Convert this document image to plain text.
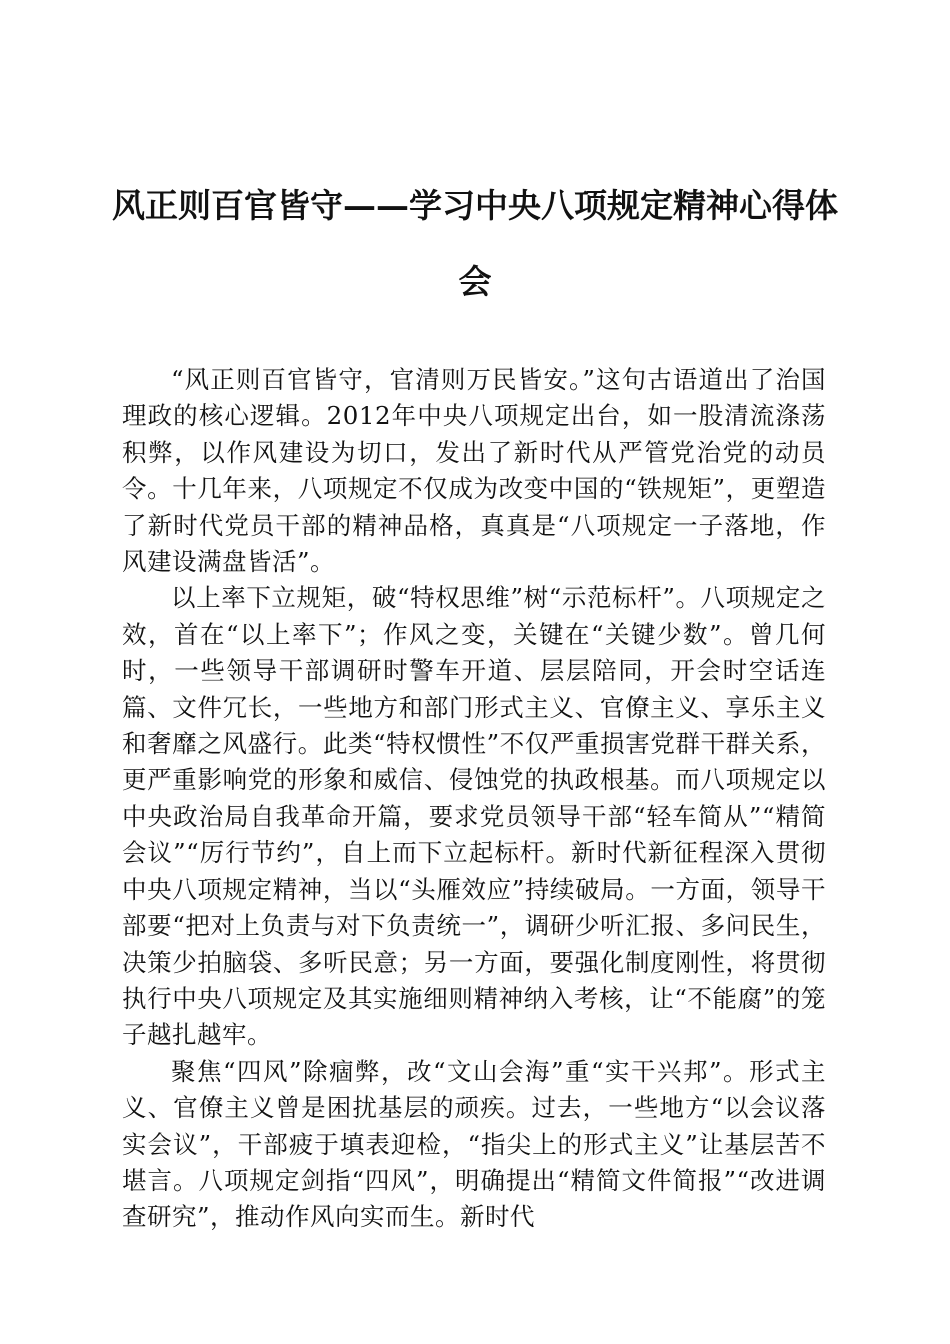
风正则百官皆守——学习中央八项规定精神心得体会

“风正则百官皆守，官清则万民皆安。”这句古语道出了治国理政的核心逻辑。2012年中央八项规定出台，如一股清流涤荡积弊，以作风建设为切口，发出了新时代从严管党治党的动员令。十几年来，八项规定不仅成为改变中国的“铁规矩”，更塑造了新时代党员干部的精神品格，真真是“八项规定一子落地，作风建设满盘皆活”。

以上率下立规矩，破“特权思维”树“示范标杆”。八项规定之效，首在“以上率下”；作风之变，关键在“关键少数”。曾几何时，一些领导干部调研时警车开道、层层陪同，开会时空话连篇、文件冗长，一些地方和部门形式主义、官僚主义、享乐主义和奢靡之风盛行。此类“特权惯性”不仅严重损害党群干群关系，更严重影响党的形象和威信、侵蚀党的执政根基。而八项规定以中央政治局自我革命开篇，要求党员领导干部“轻车简从”“精简会议”“厉行节约”，自上而下立起标杆。新时代新征程深入贯彻中央八项规定精神，当以“头雁效应”持续破局。一方面，领导干部要“把对上负责与对下负责统一”，调研少听汇报、多问民生，决策少拍脑袋、多听民意；另一方面，要强化制度刚性，将贯彻执行中央八项规定及其实施细则精神纳入考核，让“不能腐”的笼子越扎越牢。

聚焦“四风”除痼弊，改“文山会海”重“实干兴邦”。形式主义、官僚主义曾是困扰基层的顽疾。过去，一些地方“以会议落实会议”，干部疲于填表迎检，“指尖上的形式主义”让基层苦不堪言。八项规定剑指“四风”，明确提出“精简文件简报”“改进调查研究”，推动作风向实而生。新时代
